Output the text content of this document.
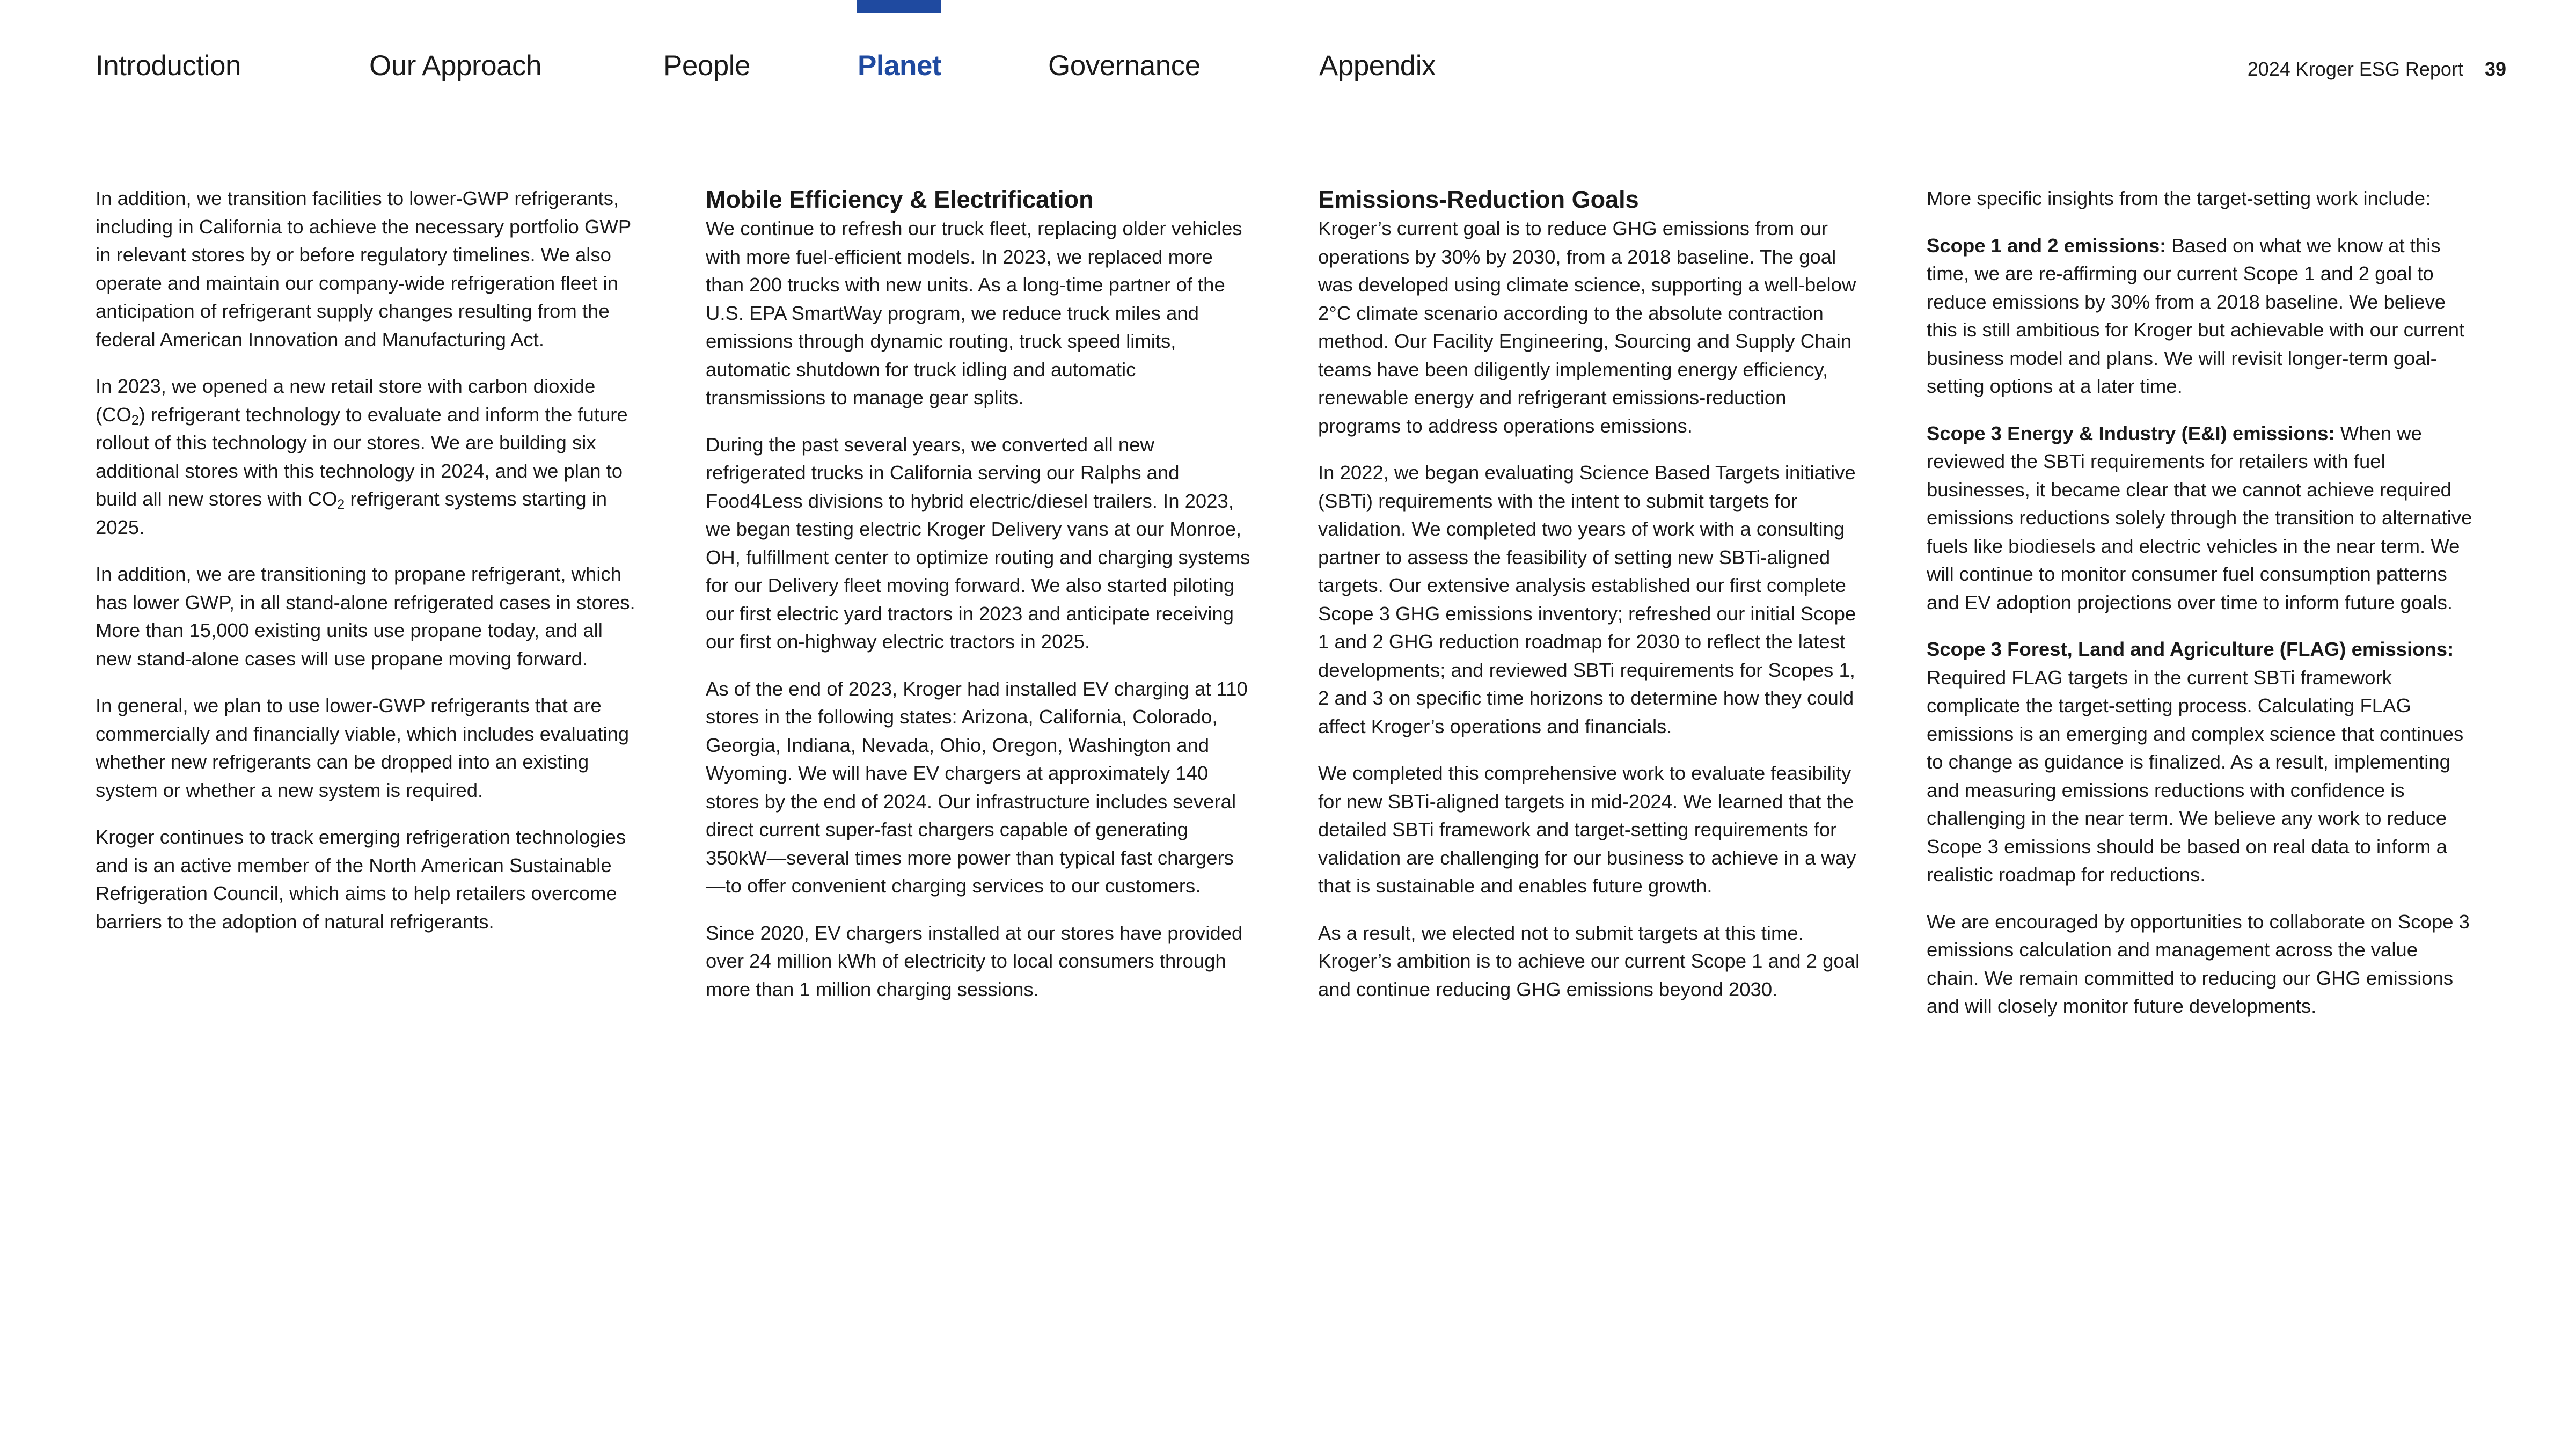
Introduction	Our Approach	People	Planet	Governance	Appendix	2024 Kroger ESG Report 39

In addition, we transition facilities to lower-GWP refrigerants, including in California to achieve the necessary portfolio GWP in relevant stores by or before regulatory timelines. We also operate and maintain our company-wide refrigeration fleet in anticipation of refrigerant supply changes resulting from the federal American Innovation and Manufacturing Act.

In 2023, we opened a new retail store with carbon dioxide $(CO_2)$ refrigerant technology to evaluate and inform the future rollout of this technology in our stores. We are building six additional stores with this technology in 2024, and we plan to build all new stores with $CO_2$ refrigerant systems starting in 2025.

In addition, we are transitioning to propane refrigerant, which has lower GWP, in all stand-alone refrigerated cases in stores. More than 15,000 existing units use propane today, and all new stand-alone cases will use propane moving forward.

In general, we plan to use lower-GWP refrigerants that are commercially and financially viable, which includes evaluating whether new refrigerants can be dropped into an existing system or whether a new system is required.

Kroger continues to track emerging refrigeration technologies and is an active member of the North American Sustainable Refrigeration Council, which aims to help retailers overcome barriers to the adoption of natural refrigerants.

Mobile Efficiency & Electrification

We continue to refresh our truck fleet, replacing older vehicles with more fuel-efficient models. In 2023, we replaced more than 200 trucks with new units. As a long-time partner of the U.S. EPA SmartWay program, we reduce truck miles and emissions through dynamic routing, truck speed limits, automatic shutdown for truck idling and automatic transmissions to manage gear splits.

During the past several years, we converted all new refrigerated trucks in California serving our Ralphs and Food4Less divisions to hybrid electric/diesel trailers. In 2023, we began testing electric Kroger Delivery vans at our Monroe, OH, fulfillment center to optimize routing and charging systems for our Delivery fleet moving forward. We also started piloting our first electric yard tractors in 2023 and anticipate receiving our first on-highway electric tractors in 2025.

As of the end of 2023, Kroger had installed EV charging at 110 stores in the following states: Arizona, California, Colorado, Georgia, Indiana, Nevada, Ohio, Oregon, Washington and Wyoming. We will have EV chargers at approximately 140 stores by the end of 2024. Our infrastructure includes several direct current super-fast chargers capable of generating 350kW—several times more power than typical fast chargers—to offer convenient charging services to our customers.

Since 2020, EV chargers installed at our stores have provided over 24 million kWh of electricity to local consumers through more than 1 million charging sessions.

Emissions-Reduction Goals

Kroger’s current goal is to reduce GHG emissions from our operations by 30% by 2030, from a 2018 baseline. The goal was developed using climate science, supporting a well-below 2°C climate scenario according to the absolute contraction method. Our Facility Engineering, Sourcing and Supply Chain teams have been diligently implementing energy efficiency, renewable energy and refrigerant emissions-reduction programs to address operations emissions.

In 2022, we began evaluating Science Based Targets initiative (SBTi) requirements with the intent to submit targets for validation. We completed two years of work with a consulting partner to assess the feasibility of setting new SBTi-aligned targets. Our extensive analysis established our first complete Scope 3 GHG emissions inventory; refreshed our initial Scope 1 and 2 GHG reduction roadmap for 2030 to reflect the latest developments; and reviewed SBTi requirements for Scopes 1, 2 and 3 on specific time horizons to determine how they could affect Kroger’s operations and financials.

We completed this comprehensive work to evaluate feasibility for new SBTi-aligned targets in mid-2024. We learned that the detailed SBTi framework and target-setting requirements for validation are challenging for our business to achieve in a way that is sustainable and enables future growth.

As a result, we elected not to submit targets at this time. Kroger’s ambition is to achieve our current Scope 1 and 2 goal and continue reducing GHG emissions beyond 2030.

More specific insights from the target-setting work include:

Scope 1 and 2 emissions: Based on what we know at this time, we are re-affirming our current Scope 1 and 2 goal to reduce emissions by 30% from a 2018 baseline. We believe this is still ambitious for Kroger but achievable with our current business model and plans. We will revisit longer-term goal-setting options at a later time.

Scope 3 Energy & Industry (E&I) emissions: When we reviewed the SBTi requirements for retailers with fuel businesses, it became clear that we cannot achieve required emissions reductions solely through the transition to alternative fuels like biodiesels and electric vehicles in the near term. We will continue to monitor consumer fuel consumption patterns and EV adoption projections over time to inform future goals.

Scope 3 Forest, Land and Agriculture (FLAG) emissions: Required FLAG targets in the current SBTi framework complicate the target-setting process. Calculating FLAG emissions is an emerging and complex science that continues to change as guidance is finalized. As a result, implementing and measuring emissions reductions with confidence is challenging in the near term. We believe any work to reduce Scope 3 emissions should be based on real data to inform a realistic roadmap for reductions.

We are encouraged by opportunities to collaborate on Scope 3 emissions calculation and management across the value chain. We remain committed to reducing our GHG emissions and will closely monitor future developments.
